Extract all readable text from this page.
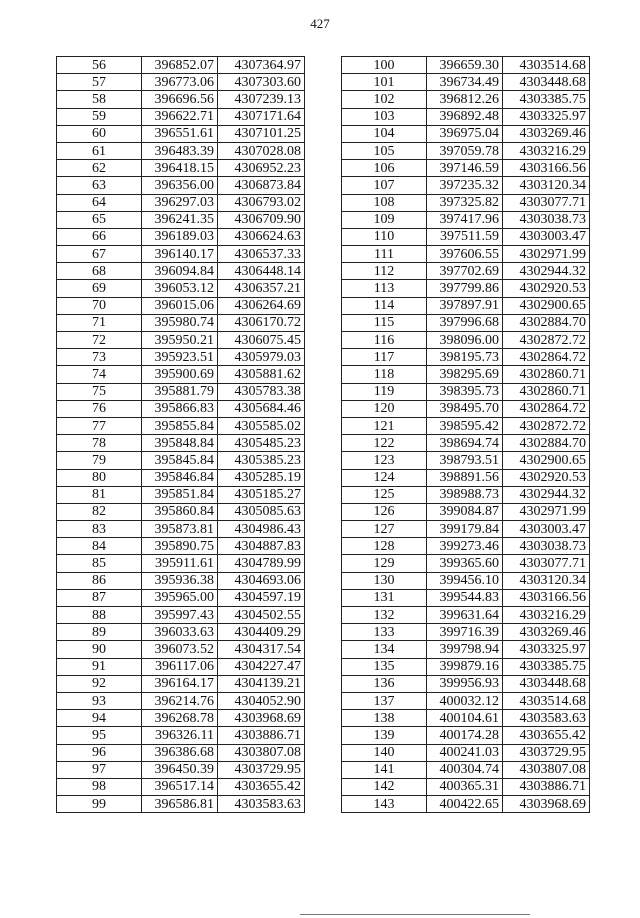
427
56	396852.07	4307364.97
57	396773.06	4307303.60
58	396696.56	4307239.13
59	396622.71	4307171.64
60	396551.61	4307101.25
61	396483.39	4307028.08
62	396418.15	4306952.23
63	396356.00	4306873.84
64	396297.03	4306793.02
65	396241.35	4306709.90
66	396189.03	4306624.63
67	396140.17	4306537.33
68	396094.84	4306448.14
69	396053.12	4306357.21
70	396015.06	4306264.69
71	395980.74	4306170.72
72	395950.21	4306075.45
73	395923.51	4305979.03
74	395900.69	4305881.62
75	395881.79	4305783.38
76	395866.83	4305684.46
77	395855.84	4305585.02
78	395848.84	4305485.23
79	395845.84	4305385.23
80	395846.84	4305285.19
81	395851.84	4305185.27
82	395860.84	4305085.63
83	395873.81	4304986.43
84	395890.75	4304887.83
85	395911.61	4304789.99
86	395936.38	4304693.06
87	395965.00	4304597.19
88	395997.43	4304502.55
89	396033.63	4304409.29
90	396073.52	4304317.54
91	396117.06	4304227.47
92	396164.17	4304139.21
93	396214.76	4304052.90
94	396268.78	4303968.69
95	396326.11	4303886.71
96	396386.68	4303807.08
97	396450.39	4303729.95
98	396517.14	4303655.42
99	396586.81	4303583.63
100	396659.30	4303514.68
101	396734.49	4303448.68
102	396812.26	4303385.75
103	396892.48	4303325.97
104	396975.04	4303269.46
105	397059.78	4303216.29
106	397146.59	4303166.56
107	397235.32	4303120.34
108	397325.82	4303077.71
109	397417.96	4303038.73
110	397511.59	4303003.47
111	397606.55	4302971.99
112	397702.69	4302944.32
113	397799.86	4302920.53
114	397897.91	4302900.65
115	397996.68	4302884.70
116	398096.00	4302872.72
117	398195.73	4302864.72
118	398295.69	4302860.71
119	398395.73	4302860.71
120	398495.70	4302864.72
121	398595.42	4302872.72
122	398694.74	4302884.70
123	398793.51	4302900.65
124	398891.56	4302920.53
125	398988.73	4302944.32
126	399084.87	4302971.99
127	399179.84	4303003.47
128	399273.46	4303038.73
129	399365.60	4303077.71
130	399456.10	4303120.34
131	399544.83	4303166.56
132	399631.64	4303216.29
133	399716.39	4303269.46
134	399798.94	4303325.97
135	399879.16	4303385.75
136	399956.93	4303448.68
137	400032.12	4303514.68
138	400104.61	4303583.63
139	400174.28	4303655.42
140	400241.03	4303729.95
141	400304.74	4303807.08
142	400365.31	4303886.71
143	400422.65	4303968.69
